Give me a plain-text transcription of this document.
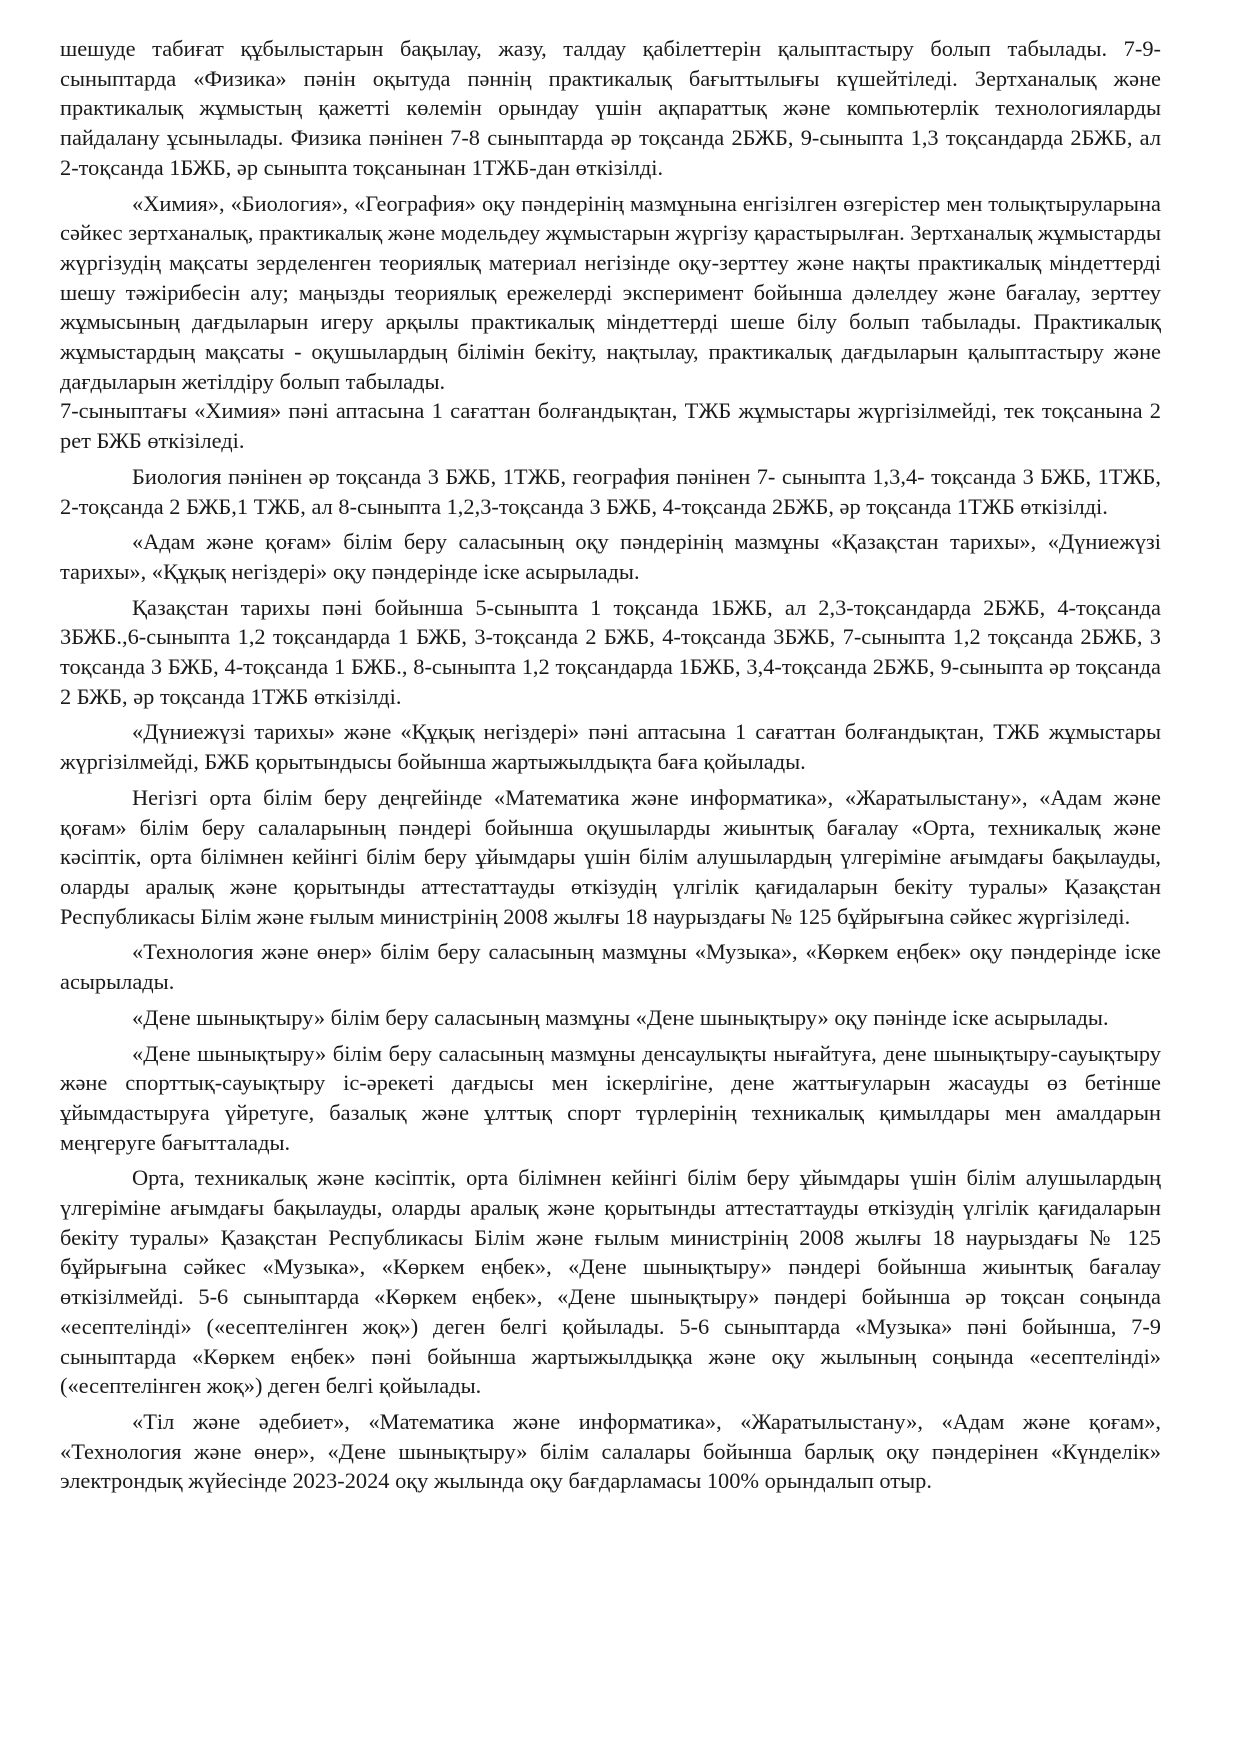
шешуде табиғат құбылыстарын бақылау, жазу, талдау қабілеттерін қалыптастыру болып табылады. 7-9-сыныптарда «Физика» пәнін оқытуда пәннің практикалық бағыттылығы күшейтіледі. Зертханалық және практикалық жұмыстың қажетті көлемін орындау үшін ақпараттық және компьютерлік технологияларды пайдалану ұсынылады. Физика пәнінен 7-8 сыныптарда әр тоқсанда 2БЖБ, 9-сыныпта 1,3 тоқсандарда 2БЖБ, ал 2-тоқсанда 1БЖБ, әр сыныпта тоқсанынан 1ТЖБ-дан өткізілді.

«Химия», «Биология», «География» оқу пәндерінің мазмұнына енгізілген өзгерістер мен толықтыруларына сәйкес зертханалық, практикалық және модельдеу жұмыстарын жүргізу қарастырылған. Зертханалық жұмыстарды жүргізудің мақсаты зерделенген теориялық материал негізінде оқу-зерттеу және нақты практикалық міндеттерді шешу тәжірибесін алу; маңызды теориялық ережелерді эксперимент бойынша дәлелдеу және бағалау, зерттеу жұмысының дағдыларын игеру арқылы практикалық міндеттерді шеше білу болып табылады. Практикалық жұмыстардың мақсаты - оқушылардың білімін бекіту, нақтылау, практикалық дағдыларын қалыптастыру және дағдыларын жетілдіру болып табылады.

7-сыныптағы «Химия» пәні аптасына 1 сағаттан болғандықтан, ТЖБ жұмыстары жүргізілмейді, тек тоқсанына 2 рет БЖБ өткізіледі.

Биология пәнінен әр тоқсанда 3 БЖБ, 1ТЖБ, география пәнінен 7- сыныпта 1,3,4- тоқсанда 3 БЖБ, 1ТЖБ, 2-тоқсанда 2 БЖБ,1 ТЖБ, ал 8-сыныпта 1,2,3-тоқсанда 3 БЖБ, 4-тоқсанда 2БЖБ, әр тоқсанда 1ТЖБ өткізілді.

«Адам және қоғам» білім беру саласының оқу пәндерінің мазмұны «Қазақстан тарихы», «Дүниежүзі тарихы», «Құқық негіздері» оқу пәндерінде іске асырылады.

Қазақстан тарихы пәні бойынша 5-сыныпта 1 тоқсанда 1БЖБ, ал 2,3-тоқсандарда 2БЖБ, 4-тоқсанда 3БЖБ.,6-сыныпта 1,2 тоқсандарда 1 БЖБ, 3-тоқсанда 2 БЖБ, 4-тоқсанда 3БЖБ, 7-сыныпта 1,2 тоқсанда 2БЖБ, 3 тоқсанда 3 БЖБ, 4-тоқсанда 1 БЖБ., 8-сыныпта 1,2 тоқсандарда 1БЖБ, 3,4-тоқсанда 2БЖБ, 9-сыныпта әр тоқсанда 2 БЖБ, әр тоқсанда 1ТЖБ өткізілді.

«Дүниежүзі тарихы» және «Құқық негіздері» пәні аптасына 1 сағаттан болғандықтан, ТЖБ жұмыстары жүргізілмейді, БЖБ қорытындысы бойынша жартыжылдықта баға қойылады.

Негізгі орта білім беру деңгейінде «Математика және информатика», «Жаратылыстану», «Адам және қоғам» білім беру салаларының пәндері бойынша оқушыларды жиынтық бағалау «Орта, техникалық және кәсіптік, орта білімнен кейінгі білім беру ұйымдары үшін білім алушылардың үлгеріміне ағымдағы бақылауды, оларды аралық және қорытынды аттестаттауды өткізудің үлгілік қағидаларын бекіту туралы» Қазақстан Республикасы Білім және ғылым министрінің 2008 жылғы 18 наурыздағы № 125 бұйрығына сәйкес жүргізіледі.

«Технология және өнер» білім беру саласының мазмұны «Музыка», «Көркем еңбек» оқу пәндерінде іске асырылады.

«Дене шынықтыру» білім беру саласының мазмұны «Дене шынықтыру» оқу пәнінде іске асырылады.

«Дене шынықтыру» білім беру саласының мазмұны денсаулықты нығайтуға, дене шынықтыру-сауықтыру және спорттық-сауықтыру іс-әрекеті дағдысы мен іскерлігіне, дене жаттығуларын жасауды өз бетінше ұйымдастыруға үйретуге, базалық және ұлттық спорт түрлерінің техникалық қимылдары мен амалдарын меңгеруге бағытталады.

Орта, техникалық және кәсіптік, орта білімнен кейінгі білім беру ұйымдары үшін білім алушылардың үлгеріміне ағымдағы бақылауды, оларды аралық және қорытынды аттестаттауды өткізудің үлгілік қағидаларын бекіту туралы» Қазақстан Республикасы Білім және ғылым министрінің 2008 жылғы 18 наурыздағы № 125 бұйрығына сәйкес «Музыка», «Көркем еңбек», «Дене шынықтыру» пәндері бойынша жиынтық бағалау өткізілмейді. 5-6 сыныптарда «Көркем еңбек», «Дене шынықтыру» пәндері бойынша әр тоқсан соңында «есептелінді» («есептелінген жоқ») деген белгі қойылады. 5-6 сыныптарда «Музыка» пәні бойынша, 7-9 сыныптарда «Көркем еңбек» пәні бойынша жартыжылдыққа және оқу жылының соңында «есептелінді» («есептелінген жоқ») деген белгі қойылады.

«Тіл және әдебиет», «Математика және информатика», «Жаратылыстану», «Адам және қоғам», «Технология және өнер», «Дене шынықтыру» білім салалары бойынша барлық оқу пәндерінен «Күнделік» электрондық жүйесінде 2023-2024 оқу жылында оқу бағдарламасы 100% орындалып отыр.
